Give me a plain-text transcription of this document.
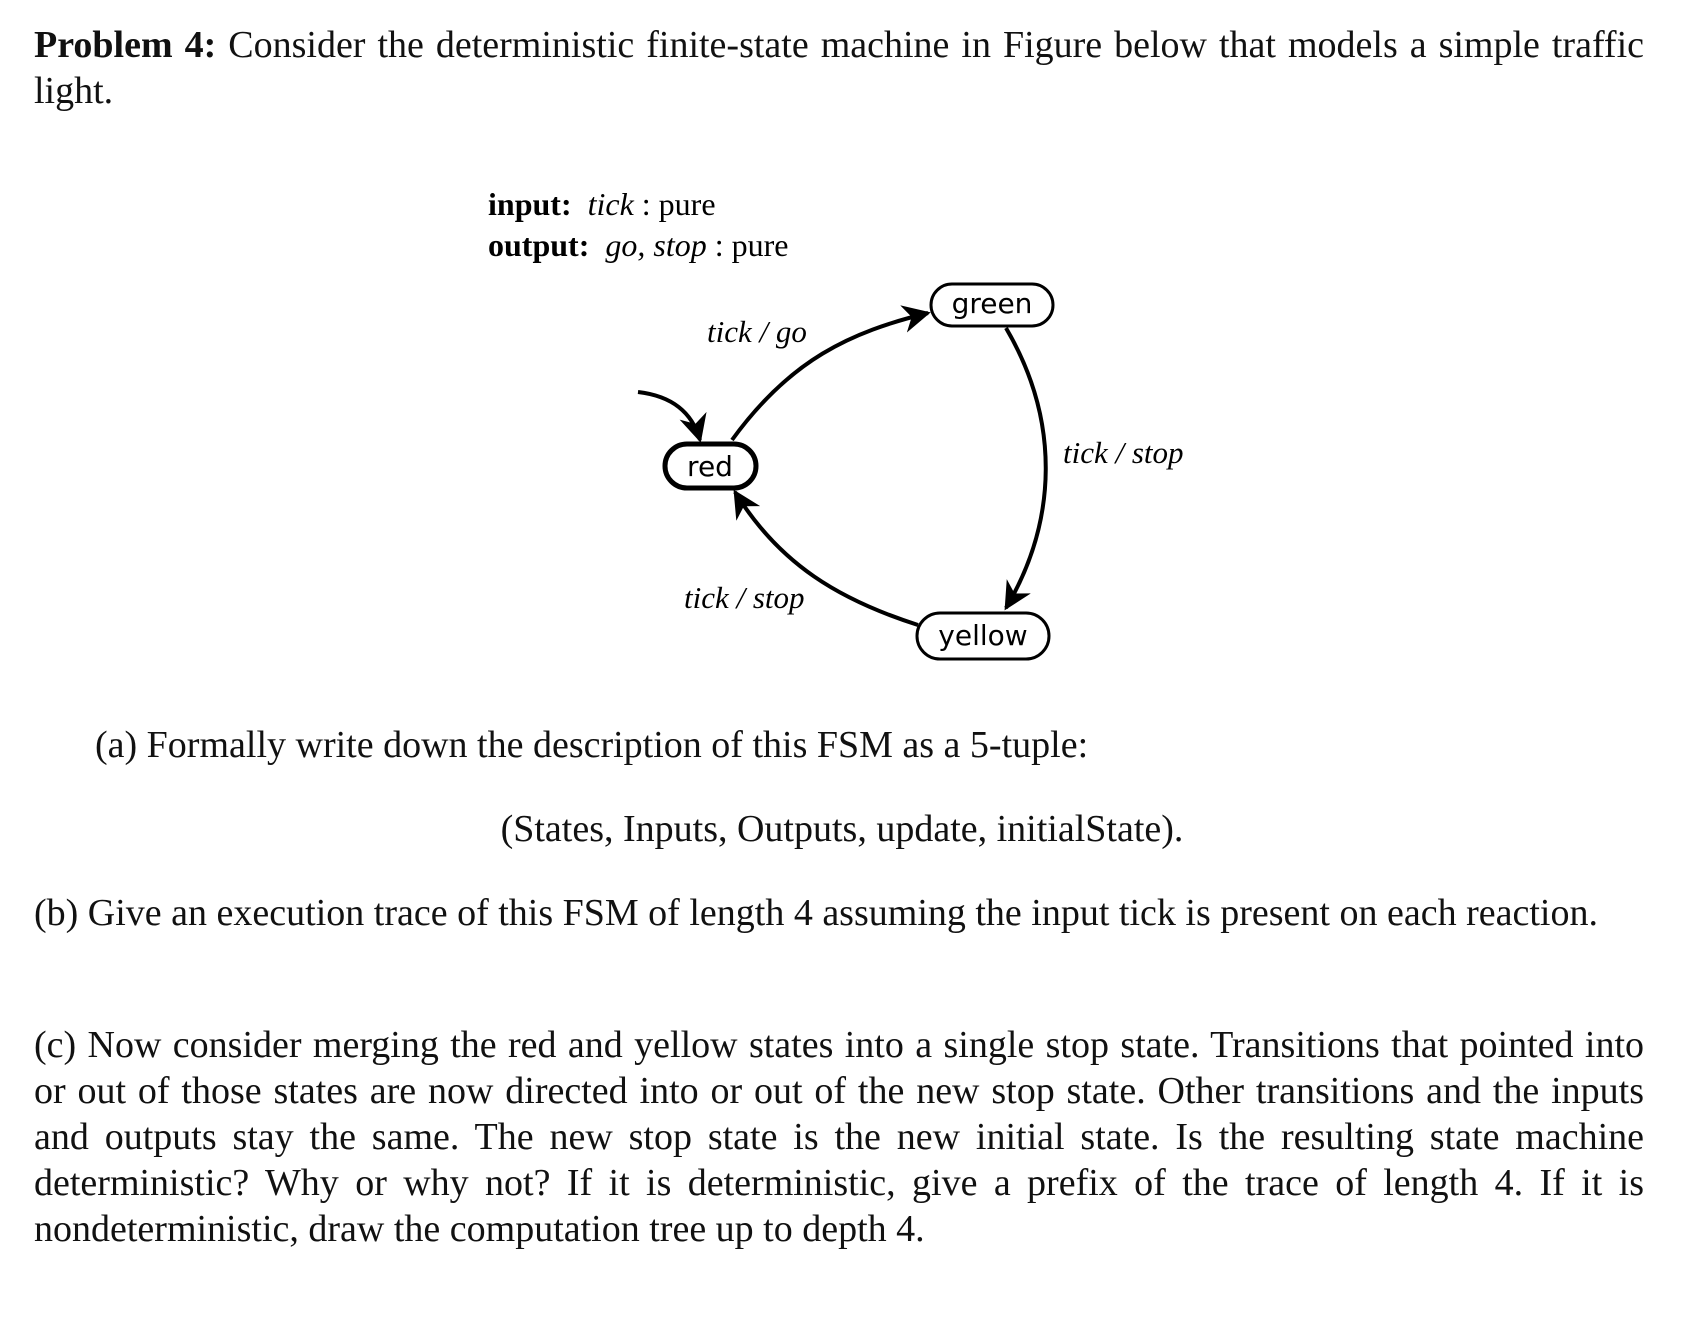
Problem 4: Consider the deterministic finite-state machine in Figure below that models a simple traffic light.

input: tick : pure
output: go, stop : pure
tick / go
tick / stop
tick / stop
green
red
yellow

(a) Formally write down the description of this FSM as a 5-tuple:

(States, Inputs, Outputs, update, initialState).

(b) Give an execution trace of this FSM of length 4 assuming the input tick is present on each reaction.

(c) Now consider merging the red and yellow states into a single stop state. Transitions that pointed into or out of those states are now directed into or out of the new stop state. Other transitions and the inputs and outputs stay the same. The new stop state is the new initial state. Is the resulting state machine deterministic? Why or why not? If it is deterministic, give a prefix of the trace of length 4. If it is nondeterministic, draw the computation tree up to depth 4.
